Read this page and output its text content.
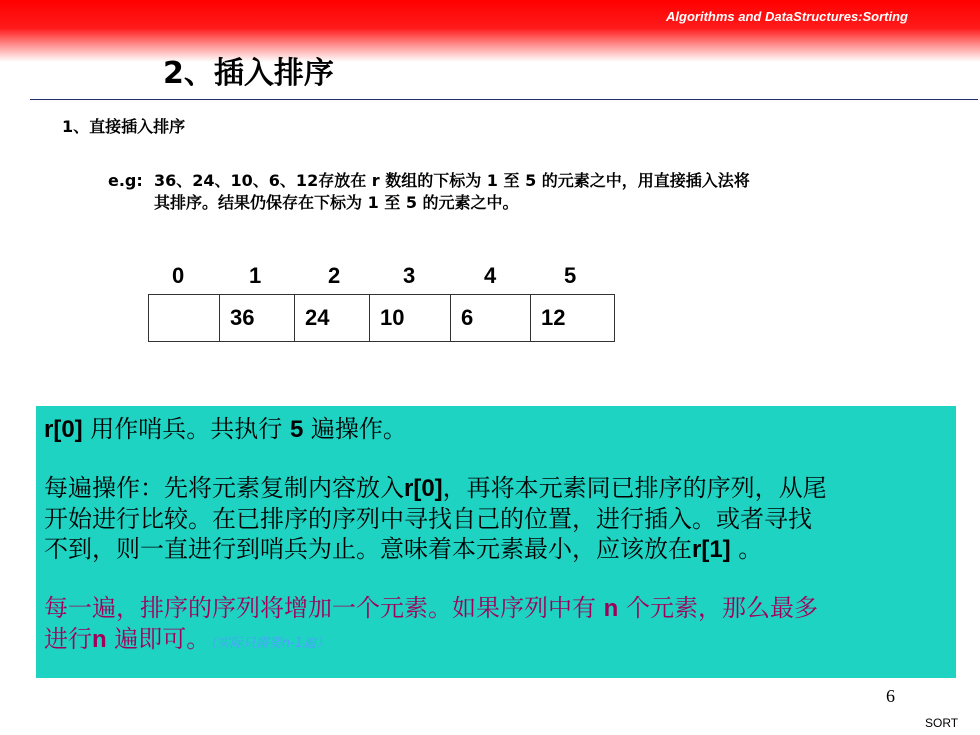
Algorithms and DataStructures:Sorting
2、插入排序
1、直接插入排序
e.g: 36、24、10、6、12存放在 r 数组的下标为 1 至 5 的元素之中，用直接插入法将
其排序。结果仍保存在下标为 1 至 5 的元素之中。
0	1	2	3	4	5
	36	24	10	6	12

r[0] 用作哨兵。共执行 5 遍操作。

每遍操作：先将元素复制内容放入r[0]，再将本元素同已排序的序列，从尾

开始进行比较。在已排序的序列中寻找自己的位置，进行插入。或者寻找

不到，则一直进行到哨兵为止。意味着本元素最小，应该放在r[1] 。

每一遍，排序的序列将增加一个元素。如果序列中有 n 个元素，那么最多

进行n 遍即可。（实际只需要n-1遍）

6
SORT
